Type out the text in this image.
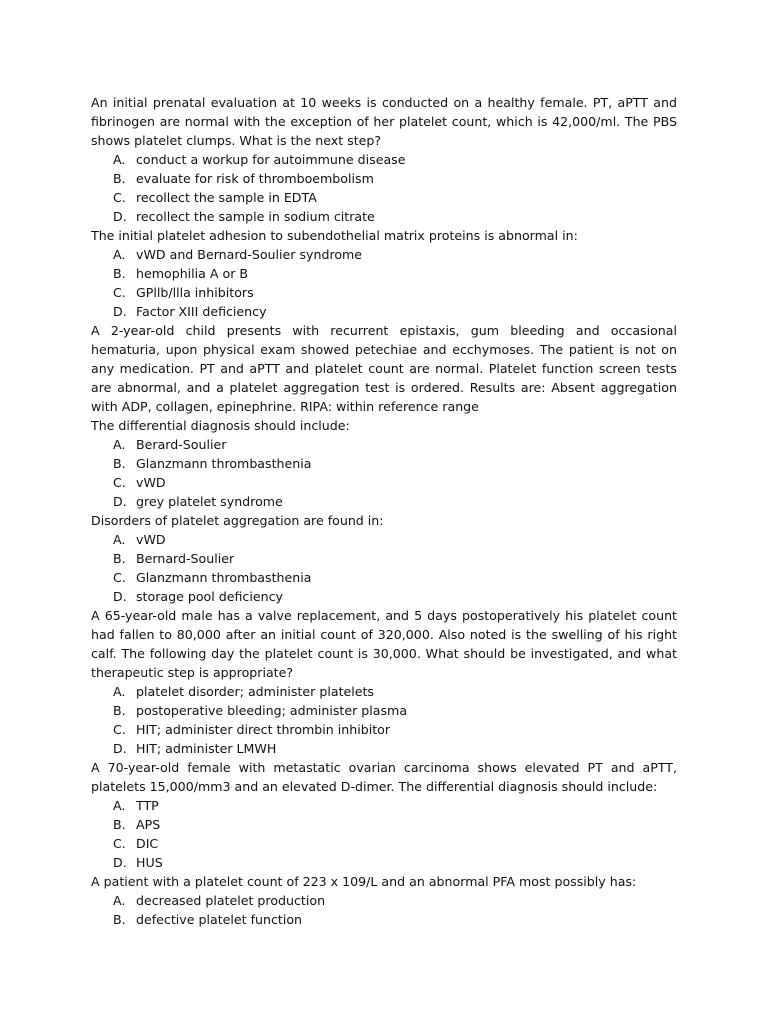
An initial prenatal evaluation at 10 weeks is conducted on a healthy female. PT, aPTT and fibrinogen are normal with the exception of her platelet count, which is 42,000/ml. The PBS shows platelet clumps. What is the next step?

A. conduct a workup for autoimmune disease
B. evaluate for risk of thromboembolism
C. recollect the sample in EDTA
D. recollect the sample in sodium citrate

The initial platelet adhesion to subendothelial matrix proteins is abnormal in:

A. vWD and Bernard-Soulier syndrome
B. hemophilia A or B
C. GPllb/llla inhibitors
D. Factor XIII deficiency

A 2-year-old child presents with recurrent epistaxis, gum bleeding and occasional hematuria, upon physical exam showed petechiae and ecchymoses. The patient is not on any medication. PT and aPTT and platelet count are normal. Platelet function screen tests are abnormal, and a platelet aggregation test is ordered. Results are: Absent aggregation with ADP, collagen, epinephrine. RIPA: within reference range

The differential diagnosis should include:

A. Berard-Soulier
B. Glanzmann thrombasthenia
C. vWD
D. grey platelet syndrome

Disorders of platelet aggregation are found in:

A. vWD
B. Bernard-Soulier
C. Glanzmann thrombasthenia
D. storage pool deficiency

A 65-year-old male has a valve replacement, and 5 days postoperatively his platelet count had fallen to 80,000 after an initial count of 320,000. Also noted is the swelling of his right calf. The following day the platelet count is 30,000. What should be investigated, and what therapeutic step is appropriate?

A. platelet disorder; administer platelets
B. postoperative bleeding; administer plasma
C. HIT; administer direct thrombin inhibitor
D. HIT; administer LMWH

A 70-year-old female with metastatic ovarian carcinoma shows elevated PT and aPTT, platelets 15,000/mm3 and an elevated D-dimer. The differential diagnosis should include:

A. TTP
B. APS
C. DIC
D. HUS

A patient with a platelet count of 223 x 109/L and an abnormal PFA most possibly has:

A. decreased platelet production
B. defective platelet function
